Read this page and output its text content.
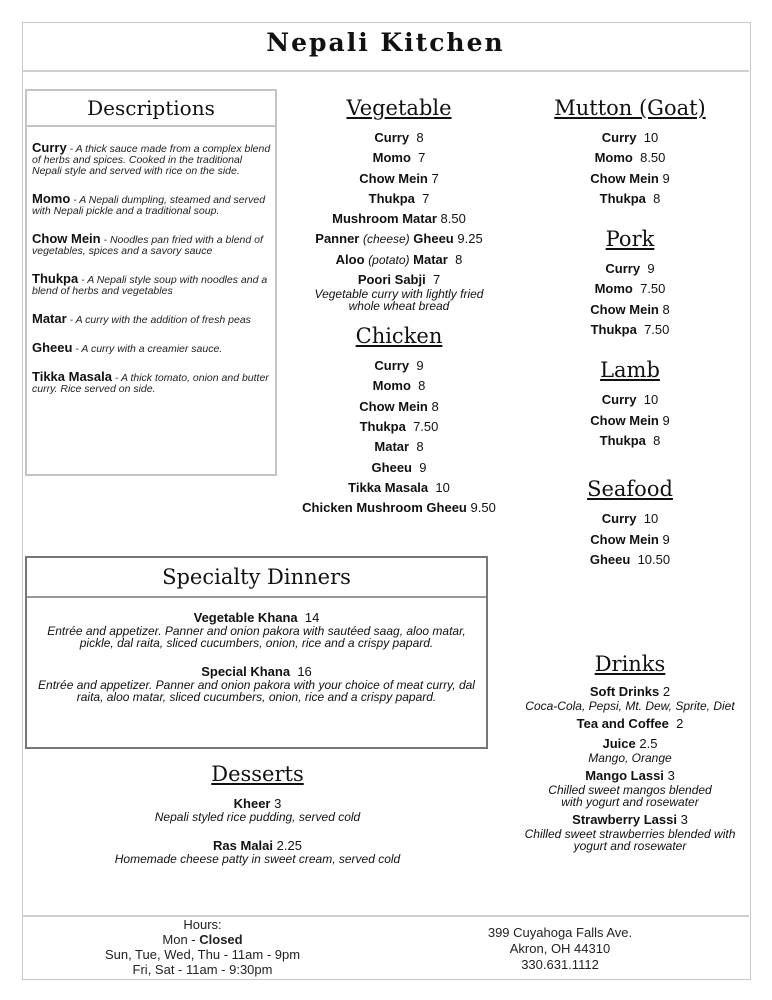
Nepali Kitchen
Descriptions
Curry - A thick sauce made from a complex blend of herbs and spices. Cooked in the traditional Nepali style and served with rice on the side.
Momo - A Nepali dumpling, steamed and served with Nepali pickle and a traditional soup.
Chow Mein - Noodles pan fried with a blend of vegetables, spices and a savory sauce
Thukpa - A Nepali style soup with noodles and a blend of herbs and vegetables
Matar - A curry with the addition of fresh peas
Gheeu - A curry with a creamier sauce.
Tikka Masala - A thick tomato, onion and butter curry. Rice served on side.
Vegetable
Curry 8
Momo 7
Chow Mein 7
Thukpa 7
Mushroom Matar 8.50
Panner (cheese) Gheeu 9.25
Aloo (potato) Matar 8
Poori Sabji 7
Vegetable curry with lightly fried whole wheat bread
Chicken
Curry 9
Momo 8
Chow Mein 8
Thukpa 7.50
Matar 8
Gheeu 9
Tikka Masala 10
Chicken Mushroom Gheeu 9.50
Mutton (Goat)
Curry 10
Momo 8.50
Chow Mein 9
Thukpa 8
Pork
Curry 9
Momo 7.50
Chow Mein 8
Thukpa 7.50
Lamb
Curry 10
Chow Mein 9
Thukpa 8
Seafood
Curry 10
Chow Mein 9
Gheeu 10.50
Specialty Dinners
Vegetable Khana 14
Entrée and appetizer. Panner and onion pakora with sautéed saag, aloo matar, pickle, dal raita, sliced cucumbers, onion, rice and a crispy papard.
Special Khana 16
Entrée and appetizer. Panner and onion pakora with your choice of meat curry, dal raita, aloo matar, sliced cucumbers, onion, rice and a crispy papard.
Desserts
Kheer 3
Nepali styled rice pudding, served cold
Ras Malai 2.25
Homemade cheese patty in sweet cream, served cold
Drinks
Soft Drinks 2
Coca-Cola, Pepsi, Mt. Dew, Sprite, Diet
Tea and Coffee 2
Juice 2.5
Mango, Orange
Mango Lassi 3
Chilled sweet mangos blended with yogurt and rosewater
Strawberry Lassi 3
Chilled sweet strawberries blended with yogurt and rosewater
Hours:
Mon - Closed
Sun, Tue, Wed, Thu - 11am - 9pm
Fri, Sat - 11am - 9:30pm
399 Cuyahoga Falls Ave.
Akron, OH 44310
330.631.1112
